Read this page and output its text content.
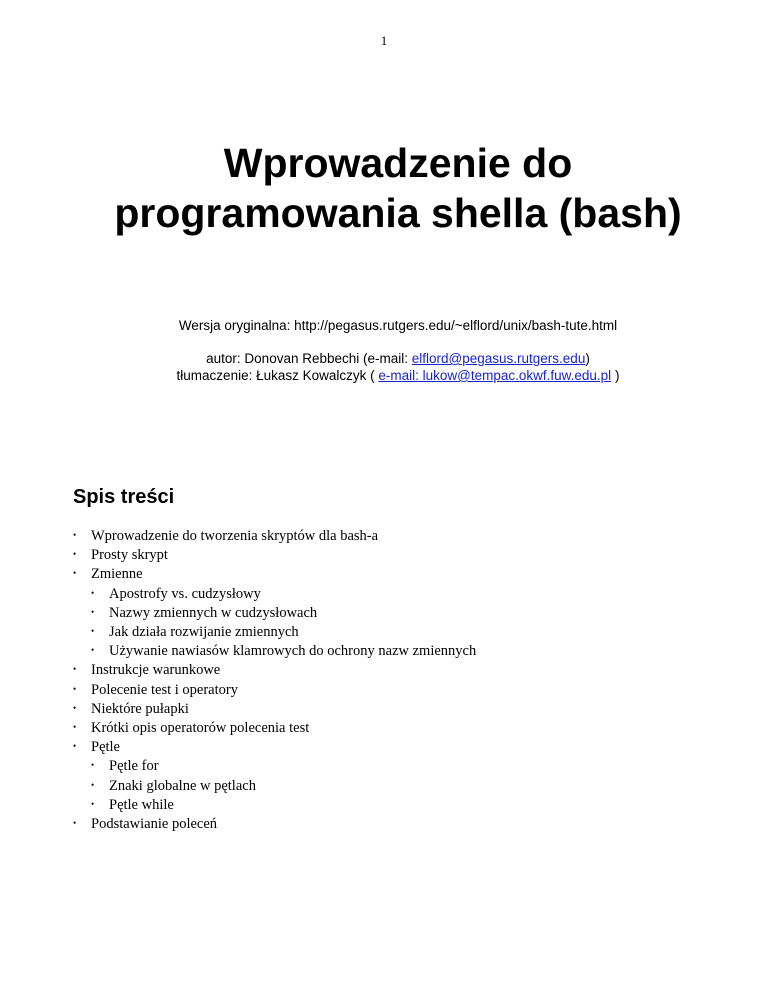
1
Wprowadzenie do
programowania shella (bash)
Wersja oryginalna: http://pegasus.rutgers.edu/~elflord/unix/bash-tute.html
autor: Donovan Rebbechi (e-mail: elflord@pegasus.rutgers.edu)
tłumaczenie: Łukasz Kowalczyk ( e-mail: lukow@tempac.okwf.fuw.edu.pl )
Spis treści
• Wprowadzenie do tworzenia skryptów dla bash-a
• Prosty skrypt
• Zmienne
• Apostrofy vs. cudzysłowy
• Nazwy zmiennych w cudzysłowach
• Jak działa rozwijanie zmiennych
• Używanie nawiasów klamrowych do ochrony nazw zmiennych
• Instrukcje warunkowe
• Polecenie test i operatory
• Niektóre pułapki
• Krótki opis operatorów polecenia test
• Pętle
• Pętle for
• Znaki globalne w pętlach
• Pętle while
• Podstawianie poleceń
